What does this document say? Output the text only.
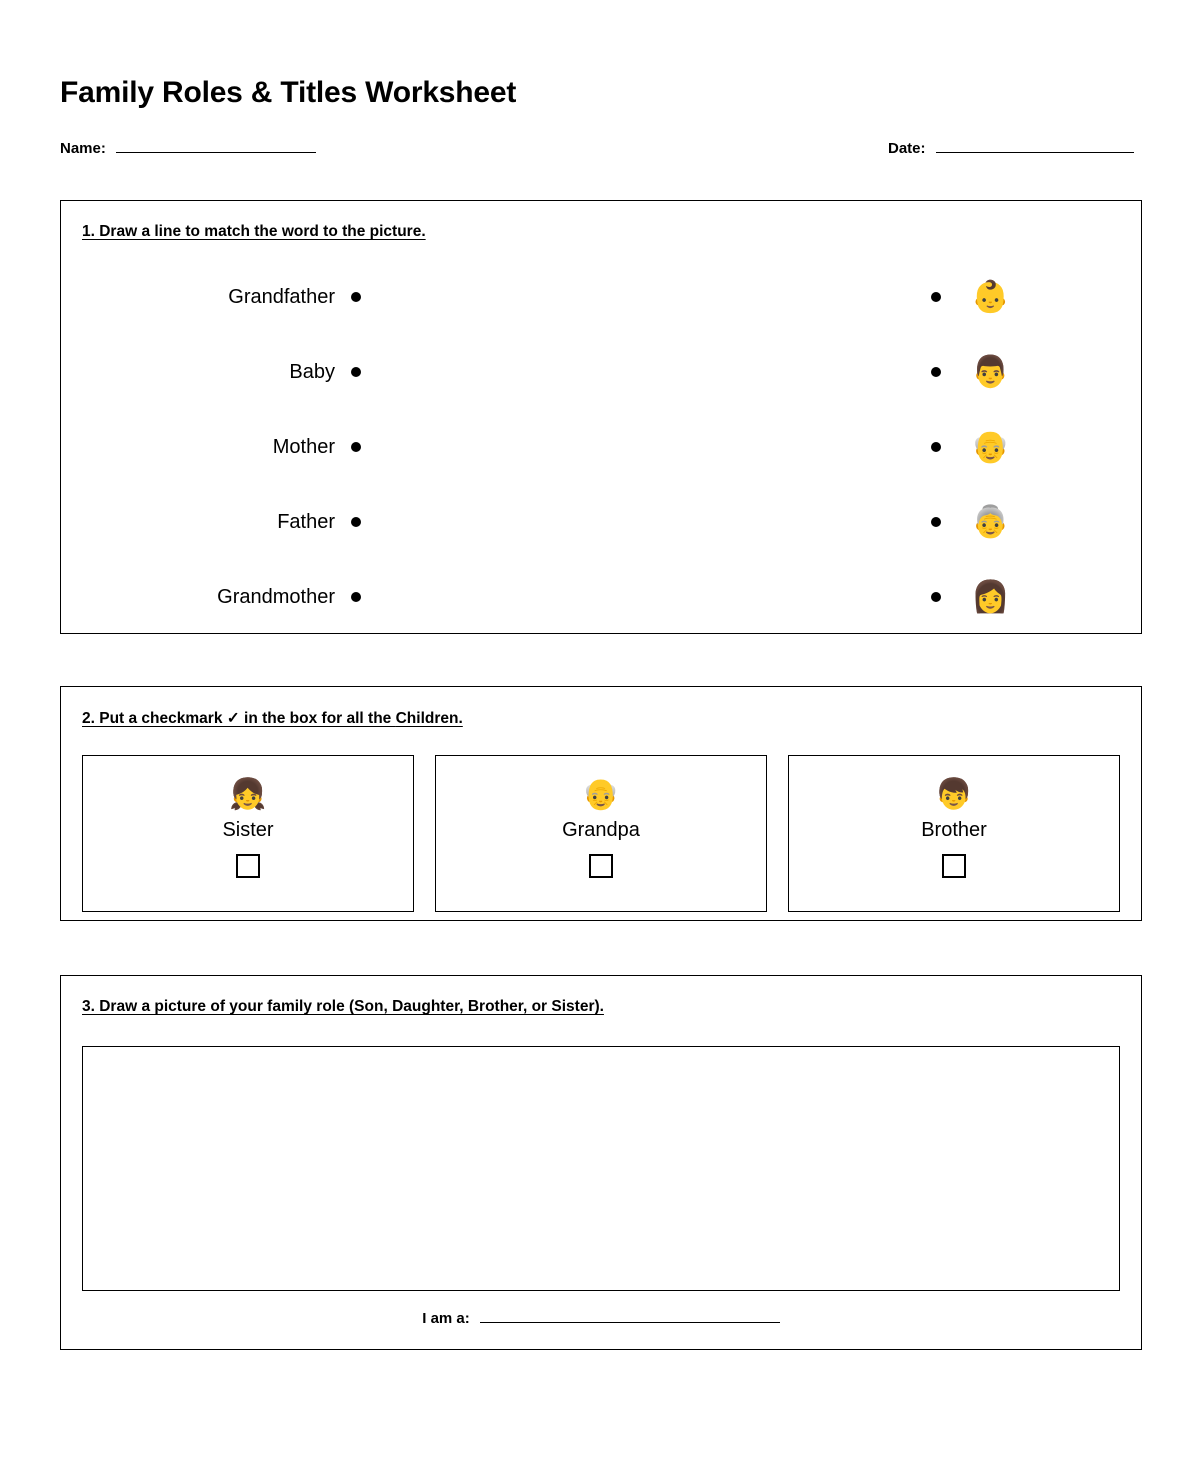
Family Roles & Titles Worksheet
Name:	Date:
1. Draw a line to match the word to the picture.
Grandfather	👶
Baby	👨
Mother	👴
Father	👵
Grandmother	👩
2. Put a checkmark ✓ in the box for all the Children.
👧
Sister
👴
Grandpa
👦
Brother
3. Draw a picture of your family role (Son, Daughter, Brother, or Sister).
I am a:
